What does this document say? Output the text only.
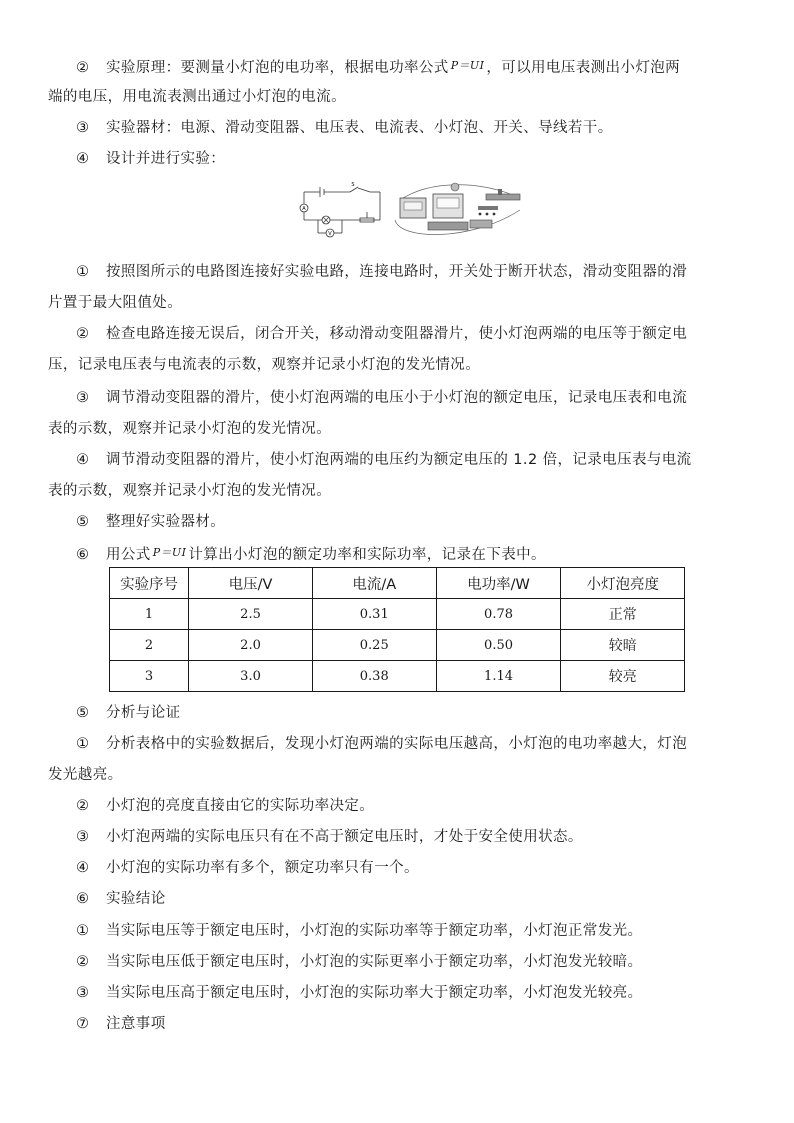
② 实验原理：要测量小灯泡的电功率，根据电功率公式 $^{P=UI}$ ，可以用电压表测出小灯泡两
端的电压，用电流表测出通过小灯泡的电流。
③ 实验器材：电源、滑动变阻器、电压表、电流表、小灯泡、开关、导线若干。
④ 设计并进行实验：
A
V
S
① 按照图所示的电路图连接好实验电路，连接电路时，开关处于断开状态，滑动变阻器的滑
片置于最大阻值处。
② 检查电路连接无误后，闭合开关，移动滑动变阻器滑片，使小灯泡两端的电压等于额定电
压，记录电压表与电流表的示数，观察并记录小灯泡的发光情况。
③ 调节滑动变阻器的滑片，使小灯泡两端的电压小于小灯泡的额定电压，记录电压表和电流
表的示数，观察并记录小灯泡的发光情况。
④ 调节滑动变阻器的滑片，使小灯泡两端的电压约为额定电压的 1.2 倍，记录电压表与电流
表的示数，观察并记录小灯泡的发光情况。
⑤ 整理好实验器材。
⑥ 用公式 $^{P=UI}$ 计算出小灯泡的额定功率和实际功率，记录在下表中。
实验序号	电压/V	电流/A	电功率/W	小灯泡亮度
1	2.5	0.31	0.78	正常
2	2.0	0.25	0.50	较暗
3	3.0	0.38	1.14	较亮
⑤ 分析与论证
① 分析表格中的实验数据后，发现小灯泡两端的实际电压越高，小灯泡的电功率越大，灯泡
发光越亮。
② 小灯泡的亮度直接由它的实际功率决定。
③ 小灯泡两端的实际电压只有在不高于额定电压时，才处于安全使用状态。
④ 小灯泡的实际功率有多个，额定功率只有一个。
⑥ 实验结论
① 当实际电压等于额定电压时，小灯泡的实际功率等于额定功率，小灯泡正常发光。
② 当实际电压低于额定电压时，小灯泡的实际更率小于额定功率，小灯泡发光较暗。
③ 当实际电压高于额定电压时，小灯泡的实际功率大于额定功率，小灯泡发光较亮。
⑦ 注意事项
